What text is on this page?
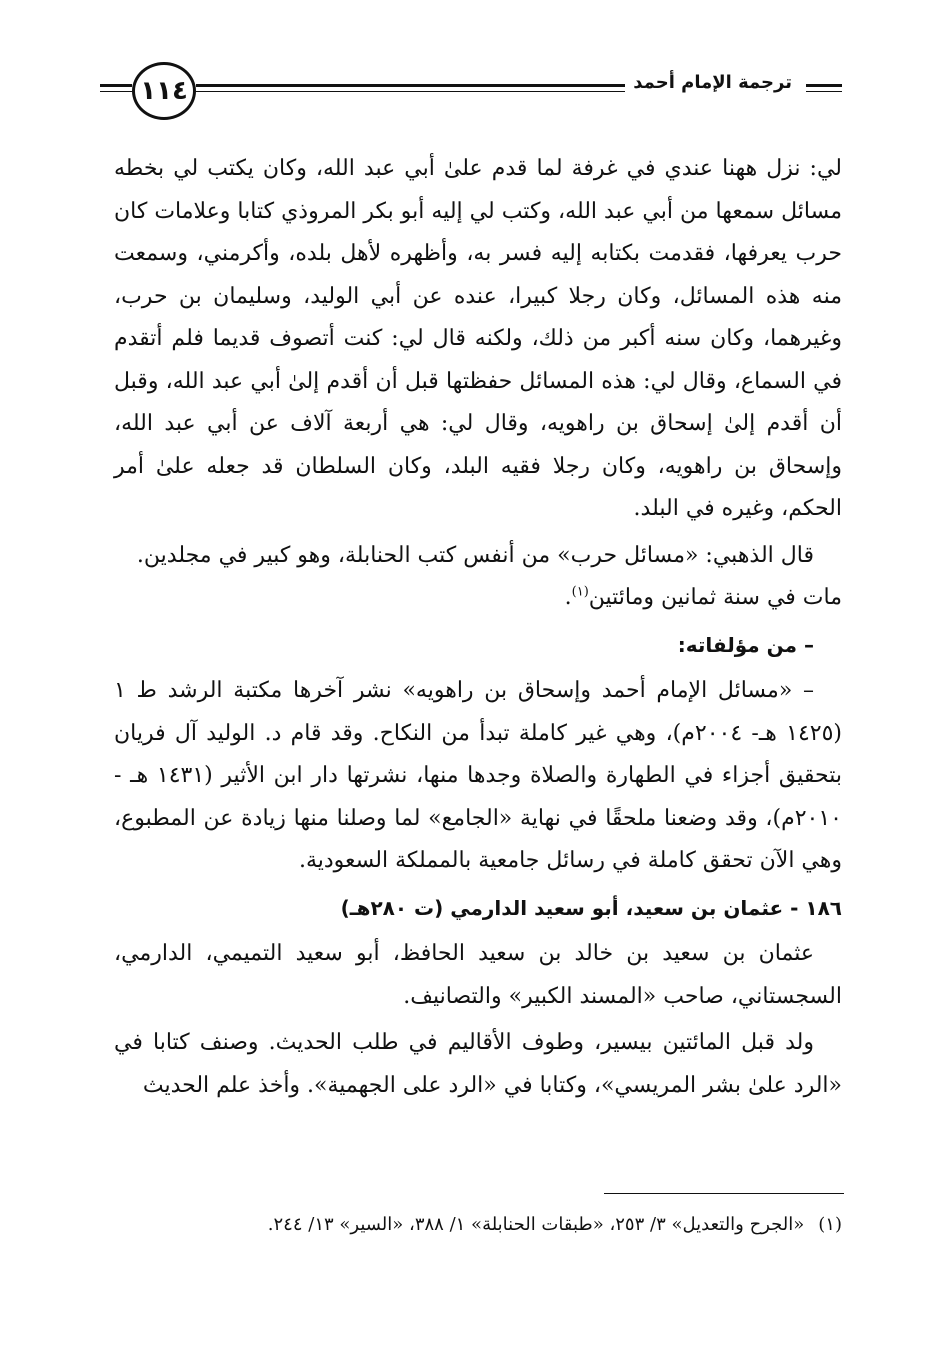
١١٤	ترجمة الإمام أحمد

لي: نزل ههنا عندي في غرفة لما قدم علىٰ أبي عبد الله، وكان يكتب لي بخطه مسائل سمعها من أبي عبد الله، وكتب لي إليه أبو بكر المروذي كتابا وعلامات كان حرب يعرفها، فقدمت بكتابه إليه فسر به، وأظهره لأهل بلده، وأكرمني، وسمعت منه هذه المسائل، وكان رجلا كبيرا، عنده عن أبي الوليد، وسليمان بن حرب، وغيرهما، وكان سنه أكبر من ذلك، ولكنه قال لي: كنت أتصوف قديما فلم أتقدم في السماع، وقال لي: هذه المسائل حفظتها قبل أن أقدم إلىٰ أبي عبد الله، وقبل أن أقدم إلىٰ إسحاق بن راهويه، وقال لي: هي أربعة آلاف عن أبي عبد الله، وإسحاق بن راهويه، وكان رجلا فقيه البلد، وكان السلطان قد جعله علىٰ أمر الحكم، وغيره في البلد.

قال الذهبي: «مسائل حرب» من أنفس كتب الحنابلة، وهو كبير في مجلدين.
مات في سنة ثمانين ومائتين$^{(١)}$.

– من مؤلفاته:

– «مسائل الإمام أحمد وإسحاق بن راهويه» نشر آخرها مكتبة الرشد ط ١ (١٤٢٥ هـ- ٢٠٠٤م)، وهي غير كاملة تبدأ من النكاح. وقد قام د. الوليد آل فريان بتحقيق أجزاء في الطهارة والصلاة وجدها منها، نشرتها دار ابن الأثير (١٤٣١ هـ - ٢٠١٠م)، وقد وضعنا ملحقًا في نهاية «الجامع» لما وصلنا منها زيادة عن المطبوع، وهي الآن تحقق كاملة في رسائل جامعية بالمملكة السعودية.

١٨٦ - عثمان بن سعيد، أبو سعيد الدارمي (ت ٢٨٠هـ)

عثمان بن سعيد بن خالد بن سعيد الحافظ، أبو سعيد التميمي، الدارمي، السجستاني، صاحب «المسند الكبير» والتصانيف.

ولد قبل المائتين بيسير، وطوف الأقاليم في طلب الحديث. وصنف كتابا في «الرد علىٰ بشر المريسي»، وكتابا في «الرد على الجهمية». وأخذ علم الحديث

(١)«الجرح والتعديل» ٣/ ٢٥٣، «طبقات الحنابلة» ١/ ٣٨٨، «السير» ١٣/ ٢٤٤.
